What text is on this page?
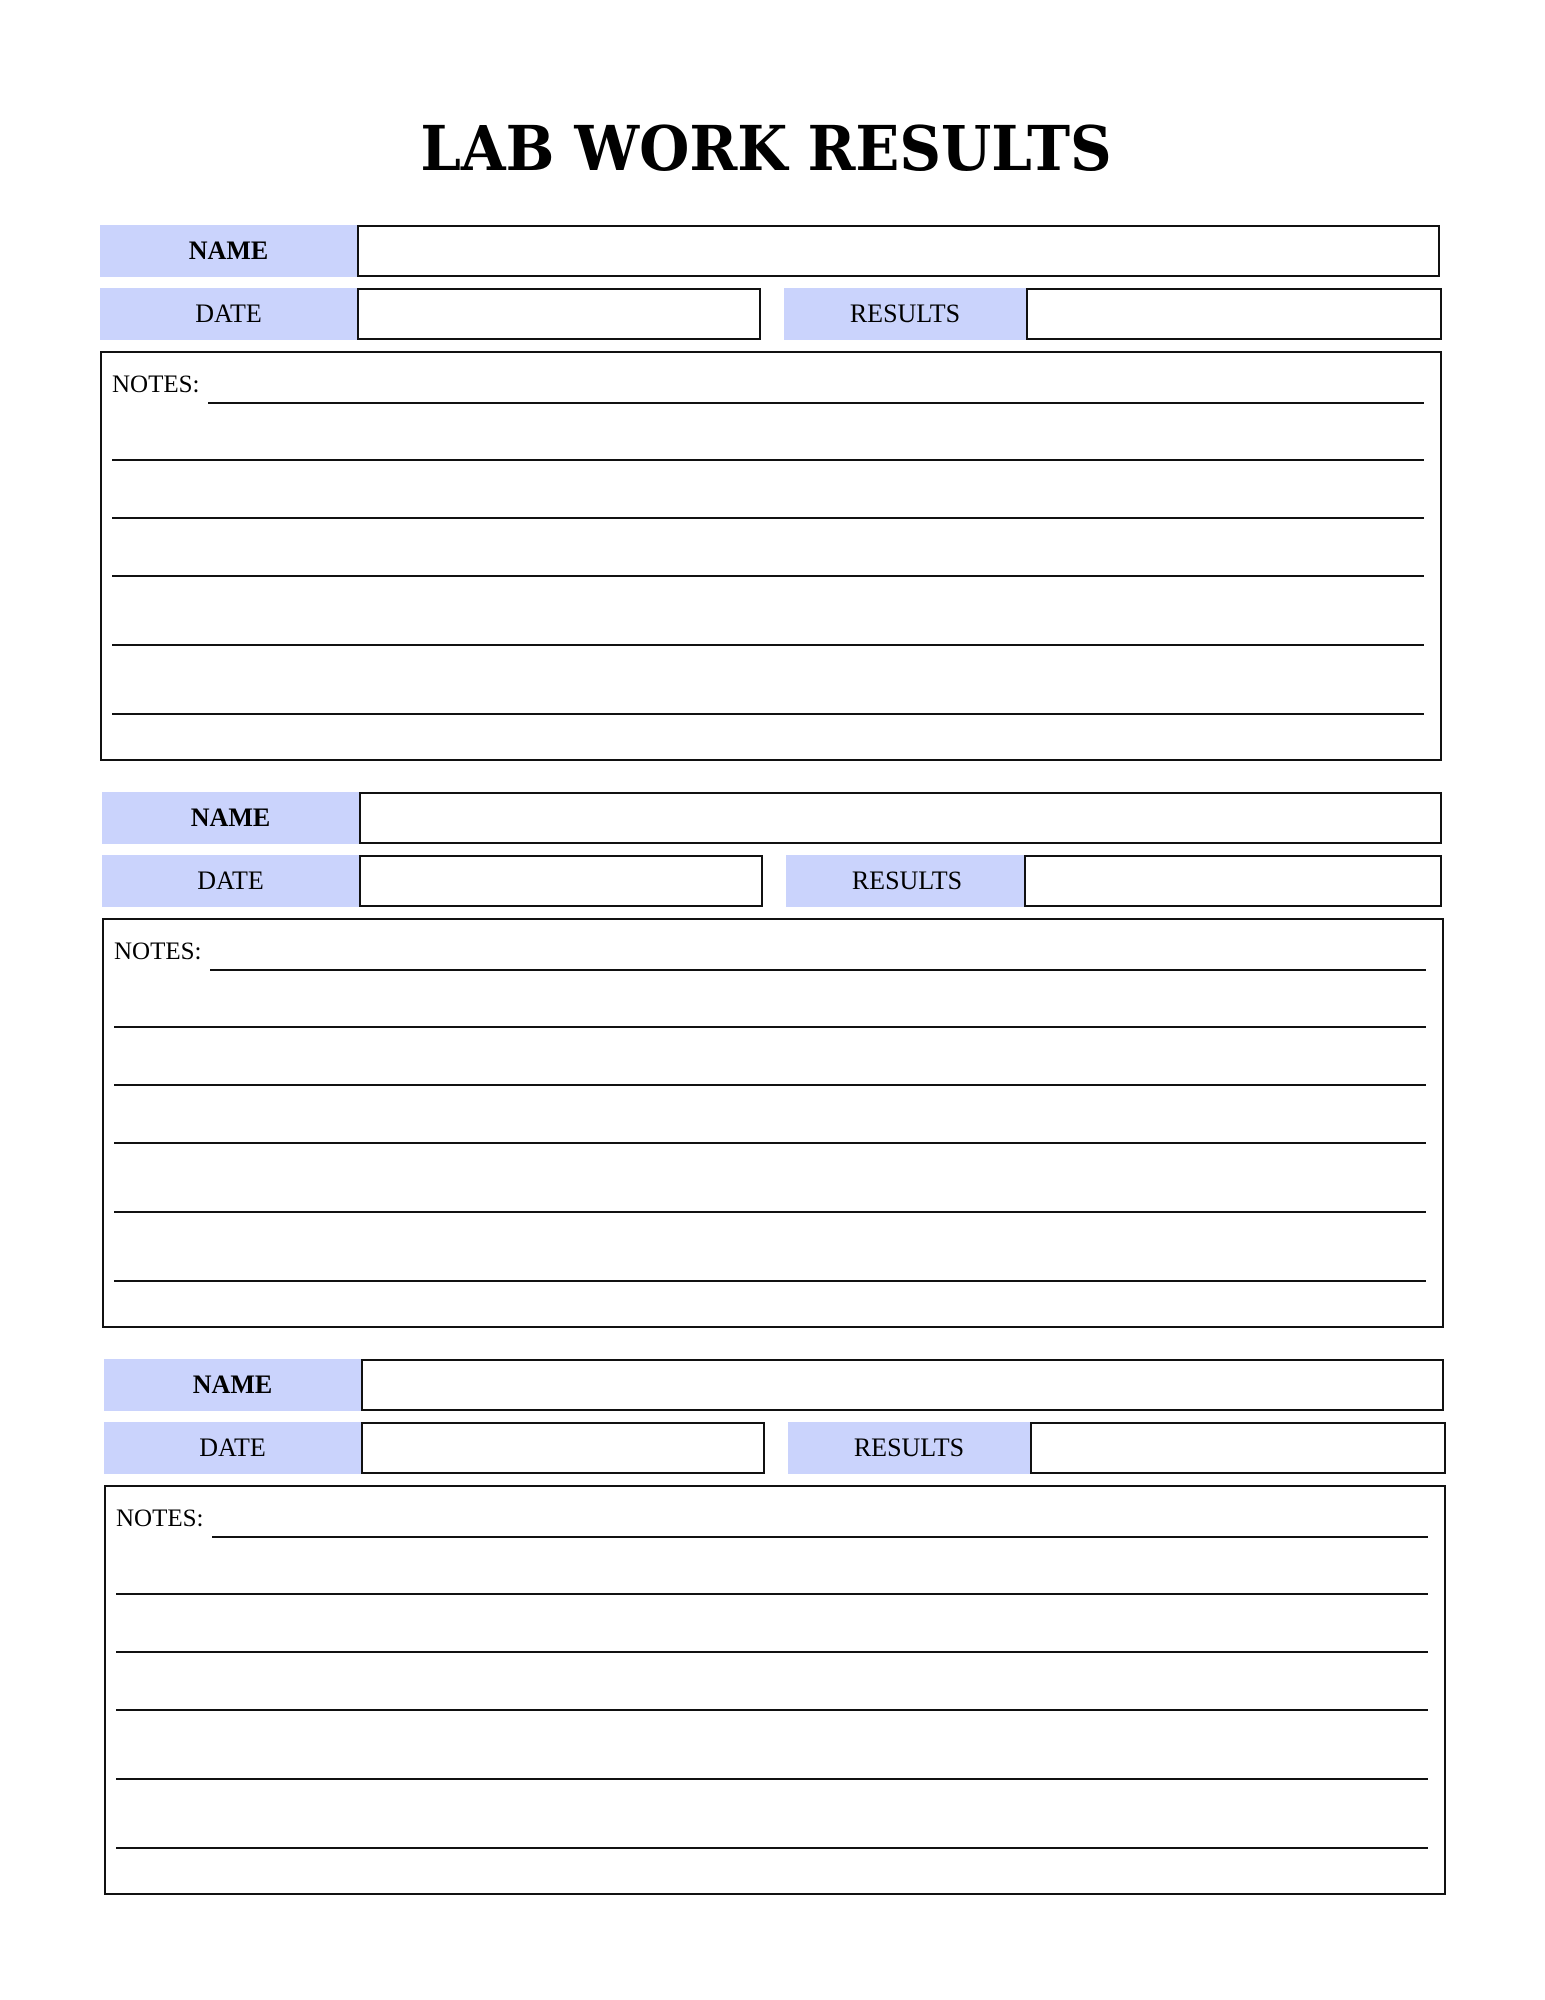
LAB WORK RESULTS
NAME
DATE	RESULTS
NOTES:
NAME
DATE	RESULTS
NOTES:
NAME
DATE	RESULTS
NOTES:
